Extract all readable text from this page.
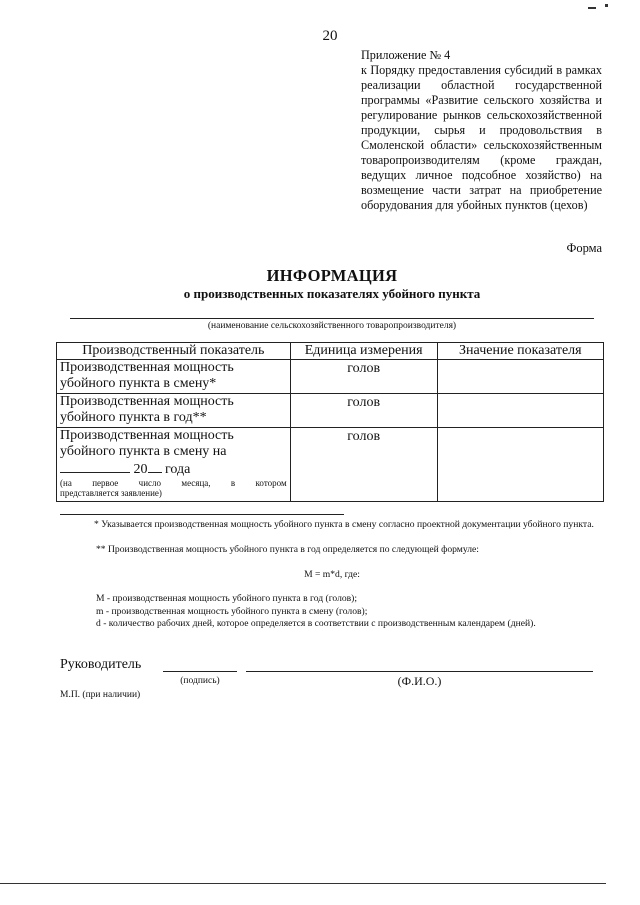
20
Приложение № 4
к Порядку предоставления субсидий в рамках реализации областной государственной программы «Развитие сельского хозяйства и регулирование рынков сельскохозяйственной продукции, сырья и продовольствия в Смоленской области» сельскохозяйственным товаропроизводителям (кроме граждан, ведущих личное подсобное хозяйство) на возмещение части затрат на приобретение оборудования для убойных пунктов (цехов)
Форма
ИНФОРМАЦИЯ
о производственных показателях убойного пункта
(наименование сельскохозяйственного товаропроизводителя)
Производственный показатель	Единица измерения	Значение показателя
Производственная мощность убойного пункта в смену*	голов	
Производственная мощность убойного пункта в год**	голов	
Производственная мощность убойного пункта в смену на
20 года
(на первое число месяца, в котором
представляется заявление)	голов	
* Указывается производственная мощность убойного пункта в смену согласно проектной документации убойного пункта.
** Производственная мощность убойного пункта в год определяется по следующей формуле:
M = m*d, где:
M - производственная мощность убойного пункта в год (голов);
m - производственная мощность убойного пункта в смену (голов);
d - количество рабочих дней, которое определяется в соответствии с производственным календарем (дней).
Руководитель
(подпись)	(Ф.И.О.)
М.П. (при наличии)
